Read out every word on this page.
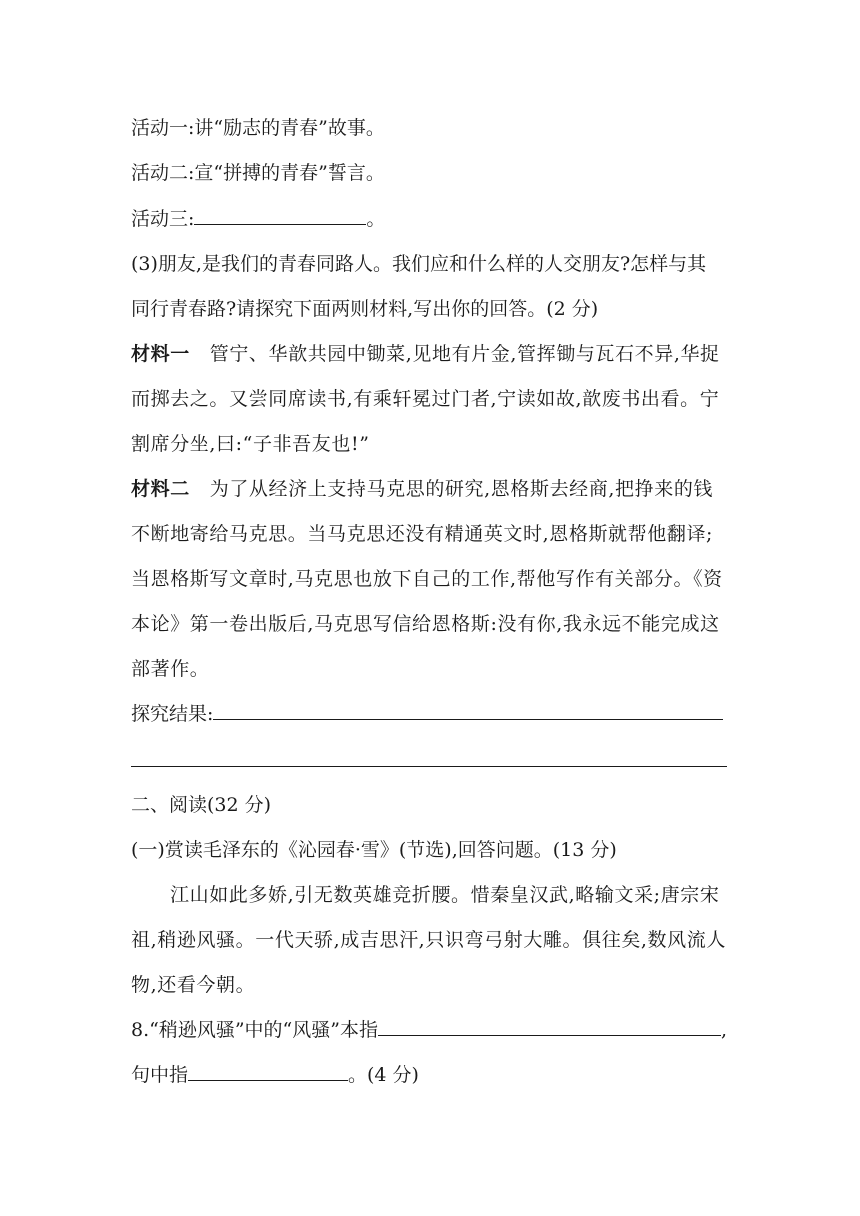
活动一:讲“励志的青春”故事。
活动二:宣“拼搏的青春”誓言。
活动三:	。
(3)朋友,是我们的青春同路人。我们应和什么样的人交朋友?怎样与其
同行青春路?请探究下面两则材料,写出你的回答。(2 分)
材料一 管宁、华歆共园中锄菜,见地有片金,管挥锄与瓦石不异,华捉
而掷去之。又尝同席读书,有乘轩冕过门者,宁读如故,歆废书出看。宁
割席分坐,曰:“子非吾友也!”
材料二 为了从经济上支持马克思的研究,恩格斯去经商,把挣来的钱
不断地寄给马克思。当马克思还没有精通英文时,恩格斯就帮他翻译;
当恩格斯写文章时,马克思也放下自己的工作,帮他写作有关部分。《资
本论》第一卷出版后,马克思写信给恩格斯:没有你,我永远不能完成这
部著作。
探究结果:
二、阅读(32 分)
(一)赏读毛泽东的《沁园春·雪》(节选),回答问题。(13 分)
江山如此多娇,引无数英雄竞折腰。惜秦皇汉武,略输文采;唐宗宋
祖,稍逊风骚。一代天骄,成吉思汗,只识弯弓射大雕。俱往矣,数风流人
物,还看今朝。
8.“稍逊风骚”中的“风骚”本指	,
句中指	。(4 分)
